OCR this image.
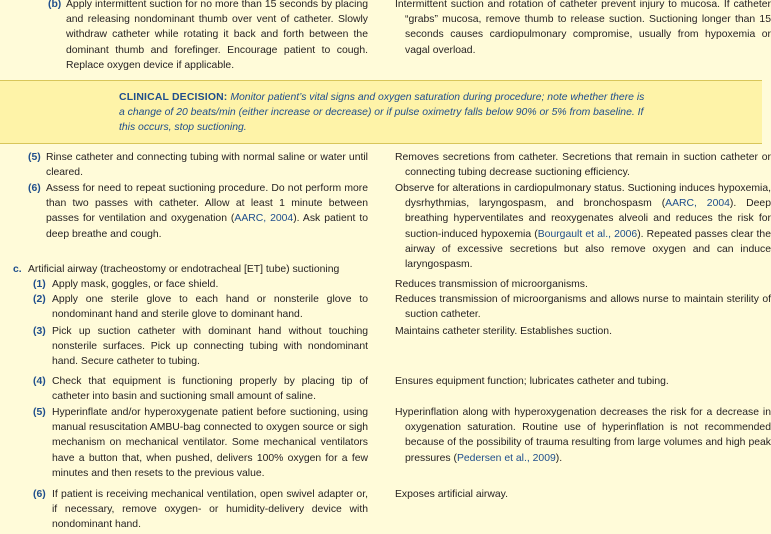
(b) Apply intermittent suction for no more than 15 seconds by placing and releasing nondominant thumb over vent of catheter. Slowly withdraw catheter while rotating it back and forth between the dominant thumb and forefinger. Encourage patient to cough. Replace oxygen device if applicable.
Intermittent suction and rotation of catheter prevent injury to mucosa. If catheter “grabs” mucosa, remove thumb to release suction. Suctioning longer than 15 seconds causes cardiopulmonary compromise, usually from hypoxemia or vagal overload.
CLINICAL DECISION: Monitor patient’s vital signs and oxygen saturation during procedure; note whether there is a change of 20 beats/min (either increase or decrease) or if pulse oximetry falls below 90% or 5% from baseline. If this occurs, stop suctioning.
(5) Rinse catheter and connecting tubing with normal saline or water until cleared.
Removes secretions from catheter. Secretions that remain in suction catheter or connecting tubing decrease suctioning efficiency.
(6) Assess for need to repeat suctioning procedure. Do not perform more than two passes with catheter. Allow at least 1 minute between passes for ventilation and oxygenation (AARC, 2004). Ask patient to deep breathe and cough.
Observe for alterations in cardiopulmonary status. Suctioning induces hypoxemia, dysrhythmias, laryngospasm, and bronchospasm (AARC, 2004). Deep breathing hyperventilates and reoxygenates alveoli and reduces the risk for suction-induced hypoxemia (Bourgault et al., 2006). Repeated passes clear the airway of excessive secretions but also remove oxygen and can induce laryngospasm.
c. Artificial airway (tracheostomy or endotracheal [ET] tube) suctioning
(1) Apply mask, goggles, or face shield.	Reduces transmission of microorganisms.
(2) Apply one sterile glove to each hand or nonsterile glove to nondominant hand and sterile glove to dominant hand.
Reduces transmission of microorganisms and allows nurse to maintain sterility of suction catheter.
(3) Pick up suction catheter with dominant hand without touching nonsterile surfaces. Pick up connecting tubing with nondominant hand. Secure catheter to tubing.
Maintains catheter sterility. Establishes suction.
(4) Check that equipment is functioning properly by placing tip of catheter into basin and suctioning small amount of saline.
Ensures equipment function; lubricates catheter and tubing.
(5) Hyperinflate and/or hyperoxygenate patient before suctioning, using manual resuscitation AMBU-bag connected to oxygen source or sigh mechanism on mechanical ventilator. Some mechanical ventilators have a button that, when pushed, delivers 100% oxygen for a few minutes and then resets to the previous value.
Hyperinflation along with hyperoxygenation decreases the risk for a decrease in oxygenation saturation. Routine use of hyperinflation is not recommended because of the possibility of trauma resulting from large volumes and high peak pressures (Pedersen et al., 2009).
(6) If patient is receiving mechanical ventilation, open swivel adapter or, if necessary, remove oxygen- or humidity-delivery device with nondominant hand.
Exposes artificial airway.
